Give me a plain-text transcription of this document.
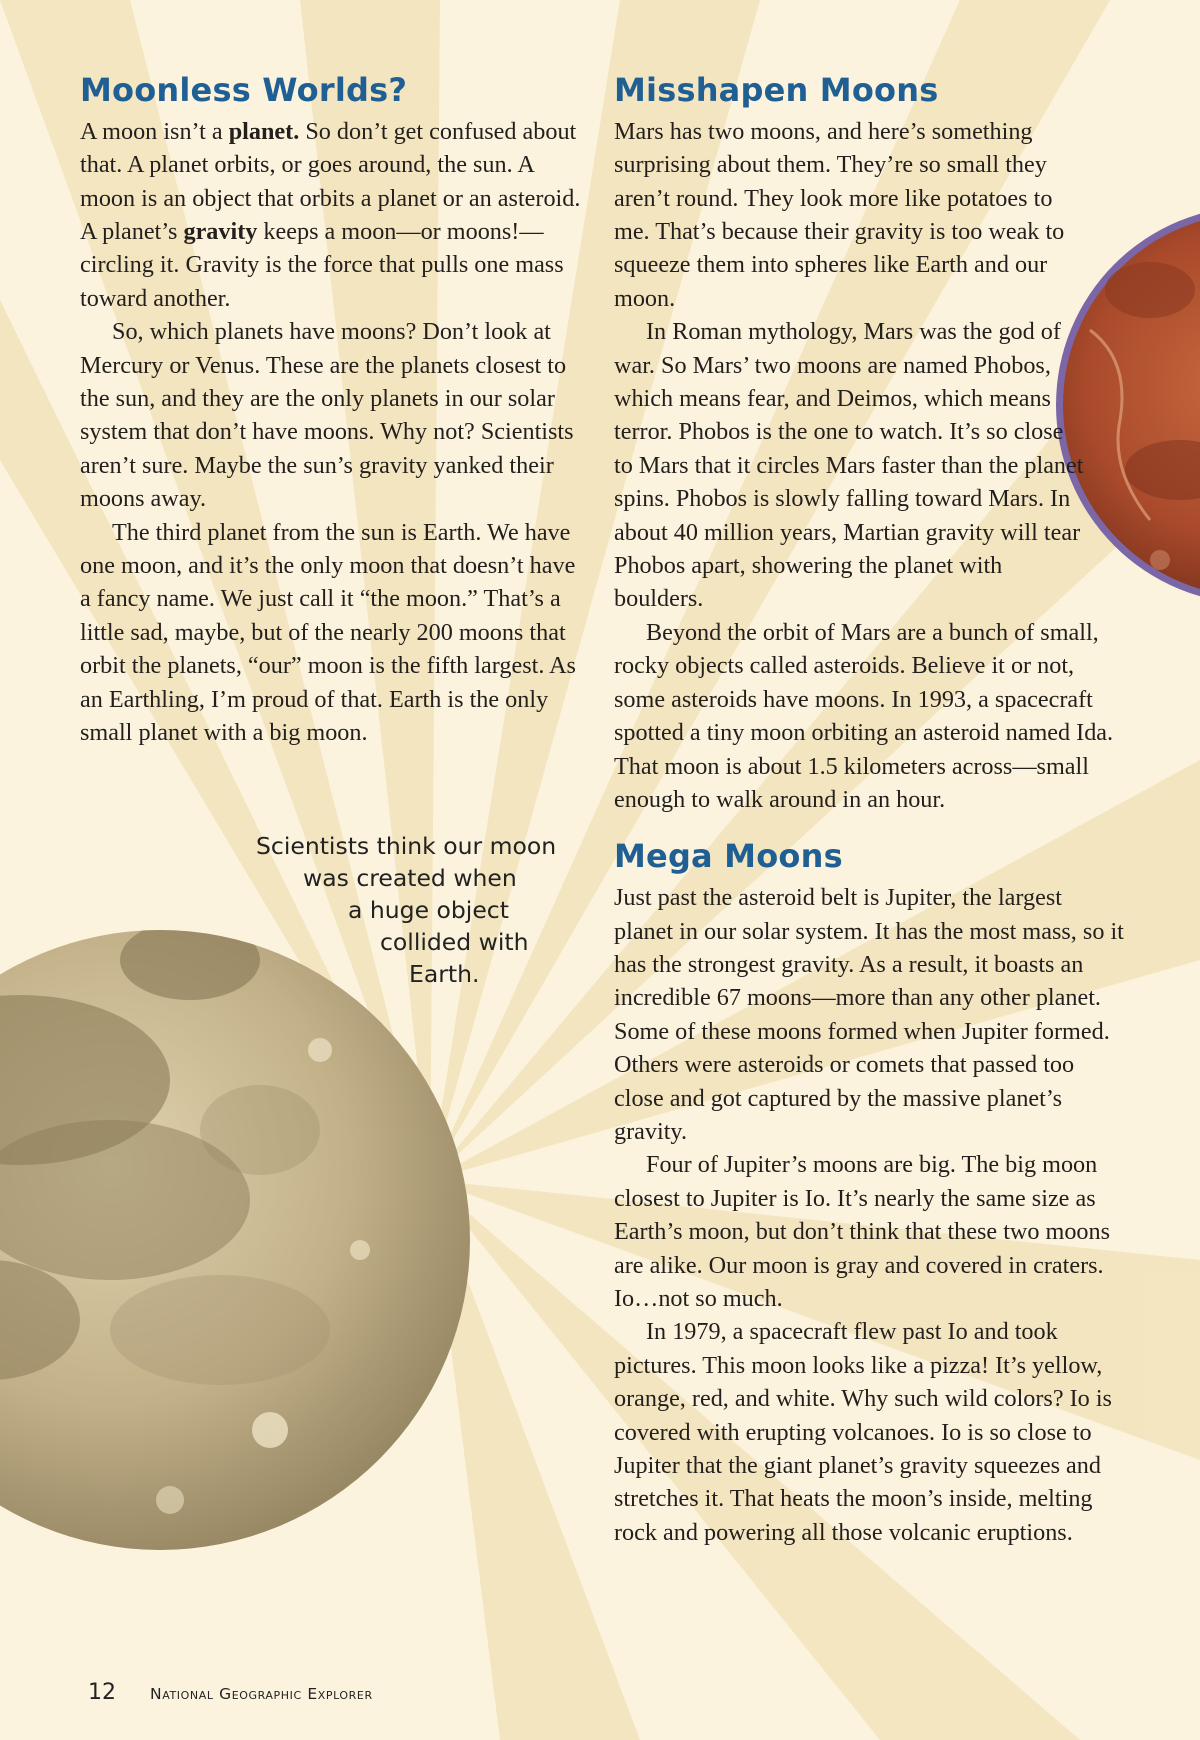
Moonless Worlds?

A moon isn’t a planet. So don’t get confused about that. A planet orbits, or goes around, the sun. A moon is an object that orbits a planet or an asteroid. A planet’s gravity keeps a moon—or moons!—circling it. Gravity is the force that pulls one mass toward another.

So, which planets have moons? Don’t look at Mercury or Venus. These are the planets closest to the sun, and they are the only planets in our solar system that don’t have moons. Why not? Scientists aren’t sure. Maybe the sun’s gravity yanked their moons away.

The third planet from the sun is Earth. We have one moon, and it’s the only moon that doesn’t have a fancy name. We just call it “the moon.” That’s a little sad, maybe, but of the nearly 200 moons that orbit the planets, “our” moon is the fifth largest. As an Earthling, I’m proud of that. Earth is the only small planet with a big moon.

Scientists think our moon
was created when
a huge object
collided with
Earth.
Misshapen Moons

Mars has two moons, and here’s something surprising about them. They’re so small they aren’t round. They look more like potatoes to me. That’s because their gravity is too weak to squeeze them into spheres like Earth and our moon.

In Roman mythology, Mars was the god of war. So Mars’ two moons are named Phobos, which means fear, and Deimos, which means terror. Phobos is the one to watch. It’s so close to Mars that it circles Mars faster than the planet spins. Phobos is slowly falling toward Mars. In about 40 million years, Martian gravity will tear Phobos apart, showering the planet with boulders.

Beyond the orbit of Mars are a bunch of small, rocky objects called asteroids. Believe it or not, some asteroids have moons. In 1993, a spacecraft spotted a tiny moon orbiting an asteroid named Ida. That moon is about 1.5 kilometers across—small enough to walk around in an hour.

Mega Moons

Just past the asteroid belt is Jupiter, the largest planet in our solar system. It has the most mass, so it has the strongest gravity. As a result, it boasts an incredible 67 moons—more than any other planet. Some of these moons formed when Jupiter formed. Others were asteroids or comets that passed too close and got captured by the massive planet’s gravity.

Four of Jupiter’s moons are big. The big moon closest to Jupiter is Io. It’s nearly the same size as Earth’s moon, but don’t think that these two moons are alike. Our moon is gray and covered in craters. Io…not so much.

In 1979, a spacecraft flew past Io and took pictures. This moon looks like a pizza! It’s yellow, orange, red, and white. Why such wild colors? Io is covered with erupting volcanoes. Io is so close to Jupiter that the giant planet’s gravity squeezes and stretches it. That heats the moon’s inside, melting rock and powering all those volcanic eruptions.

12 National Geographic Explorer
